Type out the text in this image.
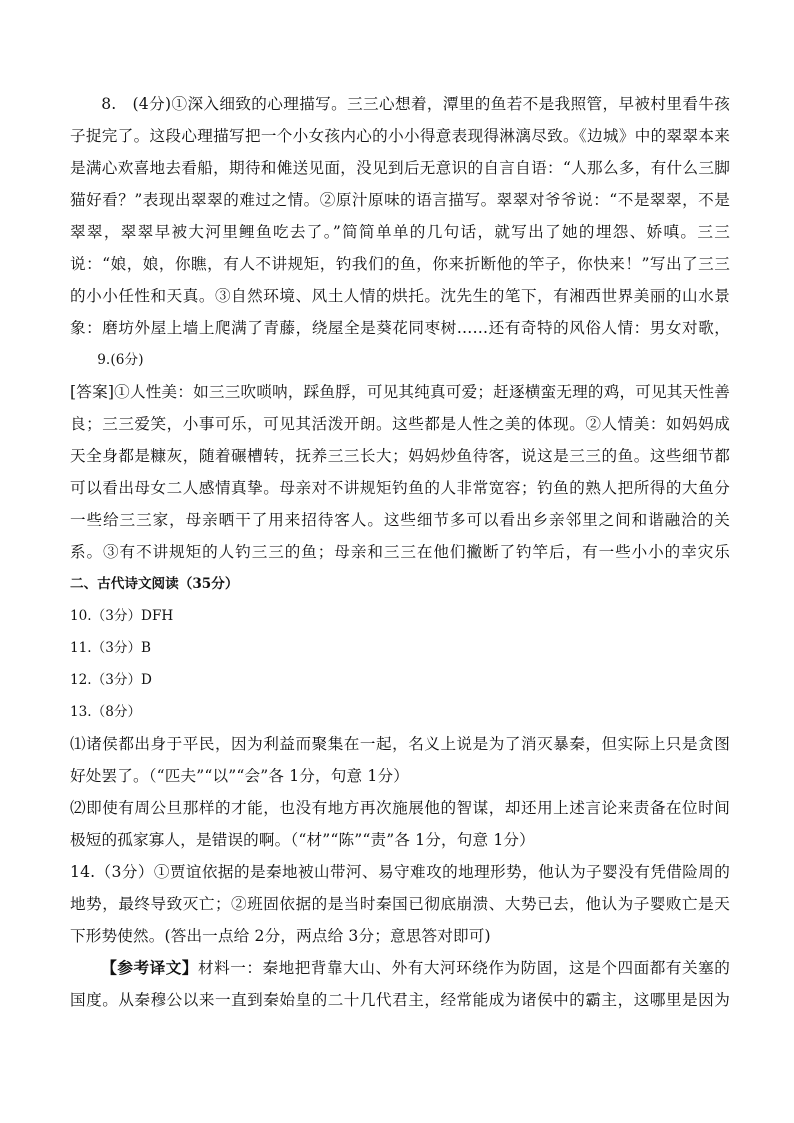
8.　(4分)①深入细致的心理描写。三三心想着，潭里的鱼若不是我照管，早被村里看牛孩子捉完了。这段心理描写把一个小女孩内心的小小得意表现得淋漓尽致。《边城》中的翠翠本来是满心欢喜地去看船，期待和傩送见面，没见到后无意识的自言自语：“人那么多，有什么三脚猫好看？”表现出翠翠的难过之情。②原汁原味的语言描写。翠翠对爷爷说：“不是翠翠，不是翠翠，翠翠早被大河里鲤鱼吃去了。”简简单单的几句话，就写出了她的埋怨、娇嗔。三三说：“娘，娘，你瞧，有人不讲规矩，钓我们的鱼，你来折断他的竿子，你快来！”写出了三三的小小任性和天真。③自然环境、风土人情的烘托。沈先生的笔下，有湘西世界美丽的山水景象：磨坊外屋上墙上爬满了青藤，绕屋全是葵花同枣树……还有奇特的风俗人情：男女对歌，

9.(6分)

[答案]①人性美：如三三吹唢呐，踩鱼脬，可见其纯真可爱；赶逐横蛮无理的鸡，可见其天性善良；三三爱笑，小事可乐，可见其活泼开朗。这些都是人性之美的体现。②人情美：如妈妈成天全身都是糠灰，随着碾槽转，抚养三三长大；妈妈炒鱼待客，说这是三三的鱼。这些细节都可以看出母女二人感情真挚。母亲对不讲规矩钓鱼的人非常宽容；钓鱼的熟人把所得的大鱼分一些给三三家，母亲晒干了用来招待客人。这些细节多可以看出乡亲邻里之间和谐融洽的关系。③有不讲规矩的人钓三三的鱼；母亲和三三在他们撇断了钓竿后，有一些小小的幸灾乐

二、古代诗文阅读（35分）

10.（3分）DFH

11.（3分）B

12.（3分）D

13.（8分）

⑴诸侯都出身于平民，因为利益而聚集在一起，名义上说是为了消灭暴秦，但实际上只是贪图好处罢了。（“匹夫”“以”“会”各 1分，句意 1分）

⑵即使有周公旦那样的才能，也没有地方再次施展他的智谋，却还用上述言论来责备在位时间极短的孤家寡人，是错误的啊。（“材”“陈”“责”各 1分，句意 1分）

14.（3分）①贾谊依据的是秦地被山带河、易守难攻的地理形势，他认为子婴没有凭借险周的地势，最终导致灭亡；②班固依据的是当时秦国已彻底崩溃、大势已去，他认为子婴败亡是天下形势使然。(答出一点给 2分，两点给 3分；意思答对即可)

【参考译文】材料一：秦地把背靠大山、外有大河环绕作为防固，这是个四面都有关塞的国度。从秦穆公以来一直到秦始皇的二十几代君主，经常能成为诸侯中的霸主，这哪里是因为
